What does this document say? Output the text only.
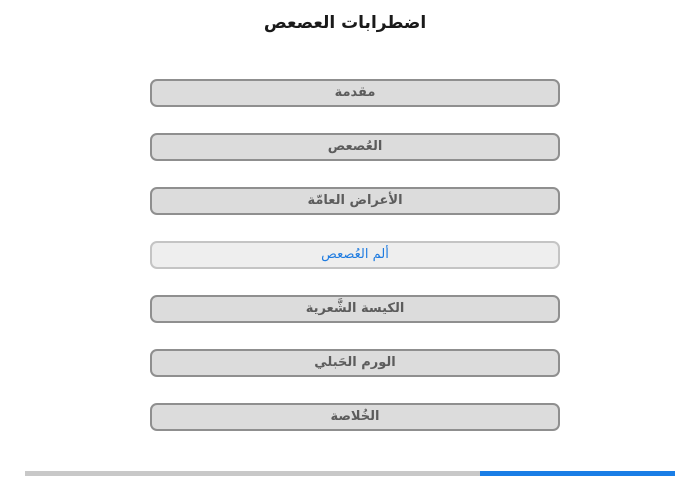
اضطرابات العصعص
مقدمة
العُصعص
الأعراض العامّة
ألم العُصعص
الكيسة الشَّعرية
الورم الحَبلي
الخُلاصة
